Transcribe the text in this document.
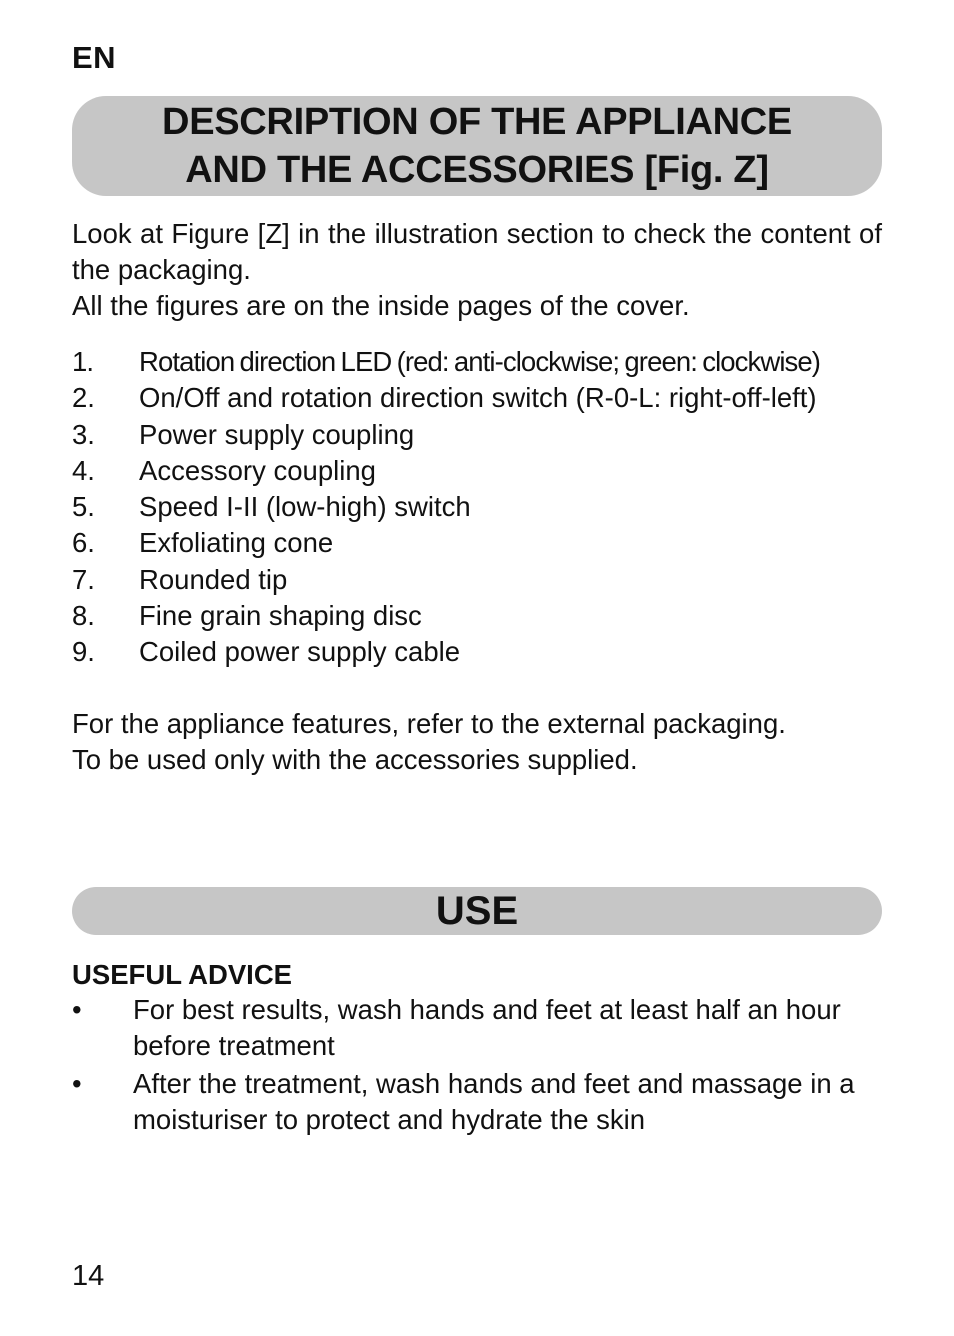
EN
DESCRIPTION OF THE APPLIANCE
AND THE ACCESSORIES [Fig. Z]

Look at Figure [Z] in the illustration section to check the content of the packaging.

All the figures are on the inside pages of the cover.

1. Rotation direction LED (red: anti-clockwise; green: clockwise)
2. On/Off and rotation direction switch (R-0-L: right-off-left)
3. Power supply coupling
4. Accessory coupling
5. Speed I-II (low-high) switch
6. Exfoliating cone
7. Rounded tip
8. Fine grain shaping disc
9. Coiled power supply cable

For the appliance features, refer to the external packaging.

To be used only with the accessories supplied.

USE
USEFUL ADVICE
• For best results, wash hands and feet at least half an hour before treatment
• After the treatment, wash hands and feet and massage in a moisturiser to protect and hydrate the skin
14
